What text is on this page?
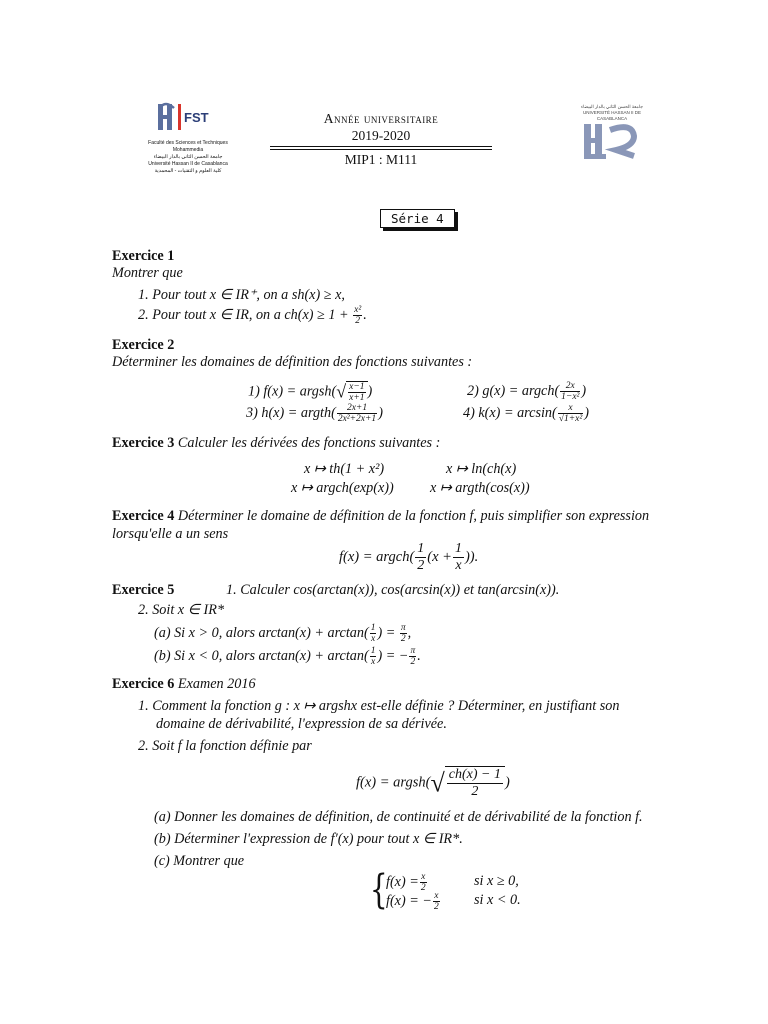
FST
Faculté des Sciences et Techniques Mohammedia
جامعة الحسن الثاني بالدار البيضاء
Université Hassan II de Casablanca
كلية العلوم و التقنيات - المحمدية
Année universitaire
2019-2020
MIP1 : M111
جامعة الحسن الثاني بالدار البيضاء
UNIVERSITÉ HASSAN II DE CASABLANCA
Série 4
Exercice 1
Montrer que
1. Pour tout x ∈ IR⁺, on a sh(x) ≥ x,
2. Pour tout x ∈ IR, on a $ch(x) \ge 1 + \frac{\text{x²}}{2}$ .
Exercice 2
Déterminer les domaines de définition des fonctions suivantes :
1) f(x) = argsh(√ $\frac{x-1}{x+1}$ )	2) g(x) = argch( $\frac{2x}{\text{1−x²}}$ )
3) h(x) = argth( $\frac{2x+1}{\text{2x²+2x+1}}$ )	4) $k(x) = \arcsin( \frac{x}{\text{√1+x²}}$ )
Exercice 3 Calculer les dérivées des fonctions suivantes :
x ↦ th(1 + x²)	x ↦ ln(ch(x)
x ↦ argch(exp(x))	x ↦ argth(cos(x))
Exercice 4 Déterminer le domaine de définition de la fonction f, puis simplifier son expression
lorsqu'elle a un sens
f(x) = argch( $\frac{1}{2} (x + \frac{1}{x}$ )).
Exercice 5	1. Calculer cos(arctan(x)), cos(arcsin(x)) et tan(arcsin(x)).
2. Soit x ∈ IR*
(a) Si x > 0, alors $\arctan(x) + \arctan( \frac{1}{x}$ ) = $\frac{\pi}{2}$ ,
(b) Si x < 0, alors $\arctan(x) + \arctan( \frac{1}{x}$ ) = − $\frac{\pi}{2}$ .
Exercice 6 Examen 2016
1. Comment la fonction g : x ↦ argshx est-elle définie ? Déterminer, en justifiant son
domaine de dérivabilité, l'expression de sa dérivée.
2. Soit f la fonction définie par
f(x) = argsh(√ $\frac{ch(x) - 1}{2}$ )
(a) Donner les domaines de définition, de continuité et de dérivabilité de la fonction f.
(b) Déterminer l'expression de f′(x) pour tout x ∈ IR*.
(c) Montrer que
{
$f(x) = \frac{x}{2}$	si x ≥ 0,
f(x) = − $\frac{x}{2}$ si x < 0.
